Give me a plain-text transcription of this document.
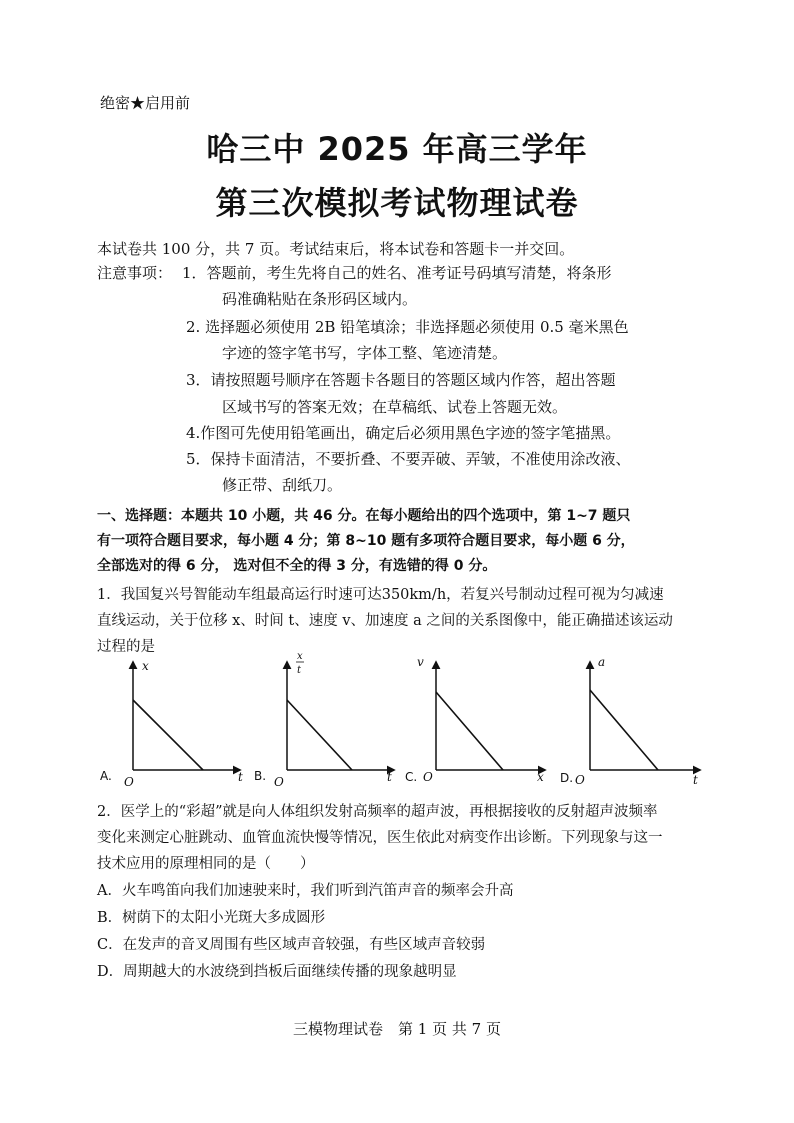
绝密★启用前
哈三中 2025 年高三学年
第三次模拟考试物理试卷
本试卷共 100 分，共 7 页。考试结束后，将本试卷和答题卡一并交回。
注意事项： 1．答题前，考生先将自己的姓名、准考证号码填写清楚，将条形
码准确粘贴在条形码区域内。
2. 选择题必须使用 2B 铅笔填涂；非选择题必须使用 0.5 毫米黑色
字迹的签字笔书写，字体工整、笔迹清楚。
3．请按照题号顺序在答题卡各题目的答题区域内作答，超出答题
区域书写的答案无效；在草稿纸、试卷上答题无效。
4.作图可先使用铅笔画出，确定后必须用黑色字迹的签字笔描黑。
5．保持卡面清洁，不要折叠、不要弄破、弄皱，不准使用涂改液、
修正带、刮纸刀。
一、选择题：本题共 10 小题，共 46 分。在每小题给出的四个选项中，第 1~7 题只
有一项符合题目要求，每小题 4 分；第 8~10 题有多项符合题目要求，每小题 6 分，
全部选对的得 6 分， 选对但不全的得 3 分，有选错的得 0 分。
1．我国复兴号智能动车组最高运行时速可达350km/h，若复兴号制动过程可视为匀减速
直线运动，关于位移 x、时间 t、速度 v、加速度 a 之间的关系图像中，能正确描述该运动
过程的是
x
t
O
A.
x
t
t
O
B.
v
x
O
C.
a
t
O
D.
2．医学上的“彩超”就是向人体组织发射高频率的超声波，再根据接收的反射超声波频率
变化来测定心脏跳动、血管血流快慢等情况，医生依此对病变作出诊断。下列现象与这一
技术应用的原理相同的是（　　）
A．火车鸣笛向我们加速驶来时，我们听到汽笛声音的频率会升高
B．树荫下的太阳小光斑大多成圆形
C．在发声的音叉周围有些区域声音较强，有些区域声音较弱
D．周期越大的水波绕到挡板后面继续传播的现象越明显
三模物理试卷　第 1 页 共 7 页
